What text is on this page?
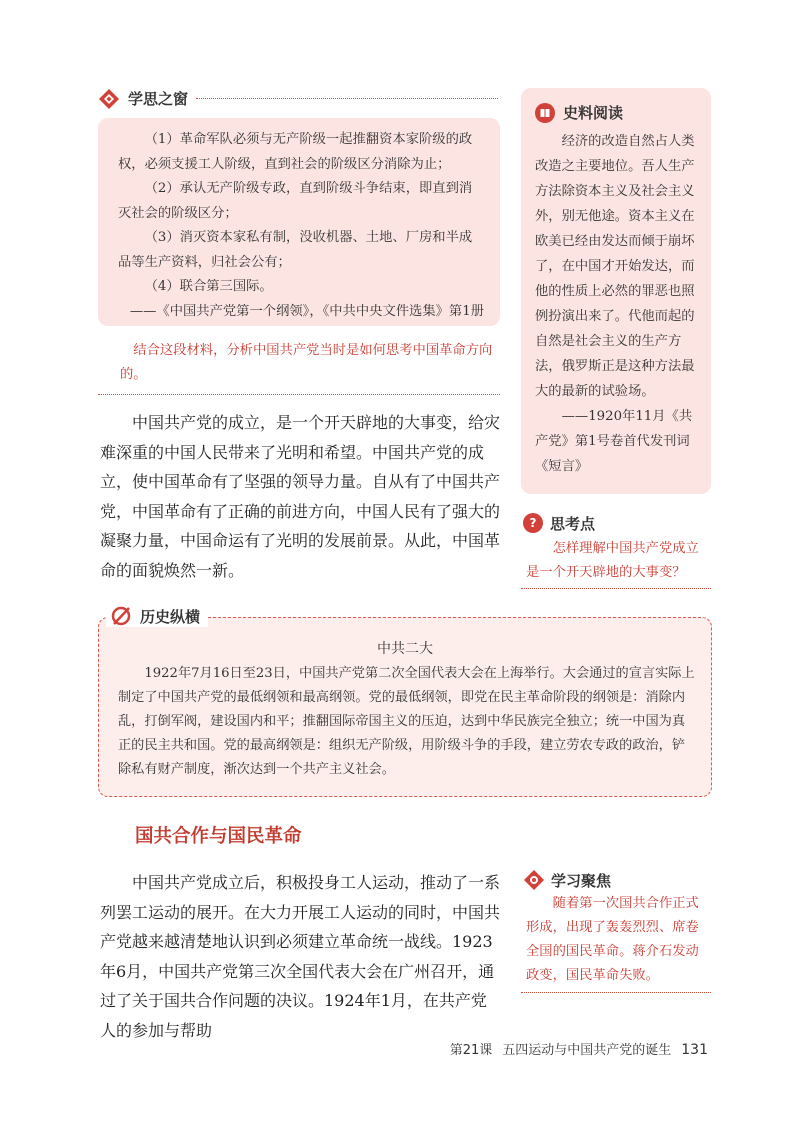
学思之窗

（1）革命军队必须与无产阶级一起推翻资本家阶级的政权，必须支援工人阶级，直到社会的阶级区分消除为止；

（2）承认无产阶级专政，直到阶级斗争结束，即直到消灭社会的阶级区分；

（3）消灭资本家私有制，没收机器、土地、厂房和半成品等生产资料，归社会公有；

（4）联合第三国际。

——《中国共产党第一个纲领》，《中共中央文件选集》第1册

结合这段材料，分析中国共产党当时是如何思考中国革命方向的。

中国共产党的成立，是一个开天辟地的大事变，给灾难深重的中国人民带来了光明和希望。中国共产党的成立，使中国革命有了坚强的领导力量。自从有了中国共产党，中国革命有了正确的前进方向，中国人民有了强大的凝聚力量，中国命运有了光明的发展前景。从此，中国革命的面貌焕然一新。

史料阅读

经济的改造自然占人类改造之主要地位。吾人生产方法除资本主义及社会主义外，别无他途。资本主义在欧美已经由发达而倾于崩坏了，在中国才开始发达，而他的性质上必然的罪恶也照例扮演出来了。代他而起的自然是社会主义的生产方法，俄罗斯正是这种方法最大的最新的试验场。

——1920年11月《共产党》第1号卷首代发刊词《短言》

? 思考点
怎样理解中国共产党成立是一个开天辟地的大事变？
历史纵横
中共二大
1922年7月16日至23日，中国共产党第二次全国代表大会在上海举行。大会通过的宣言实际上制定了中国共产党的最低纲领和最高纲领。党的最低纲领，即党在民主革命阶段的纲领是：消除内乱，打倒军阀，建设国内和平；推翻国际帝国主义的压迫，达到中华民族完全独立；统一中国为真正的民主共和国。党的最高纲领是：组织无产阶级，用阶级斗争的手段，建立劳农专政的政治，铲除私有财产制度，渐次达到一个共产主义社会。
国共合作与国民革命

中国共产党成立后，积极投身工人运动，推动了一系列罢工运动的展开。在大力开展工人运动的同时，中国共产党越来越清楚地认识到必须建立革命统一战线。1923年6月，中国共产党第三次全国代表大会在广州召开，通过了关于国共合作问题的决议。1924年1月，在共产党人的参加与帮助

学习聚焦
随着第一次国共合作正式形成，出现了轰轰烈烈、席卷全国的国民革命。蒋介石发动政变，国民革命失败。
第21课 五四运动与中国共产党的诞生 131
